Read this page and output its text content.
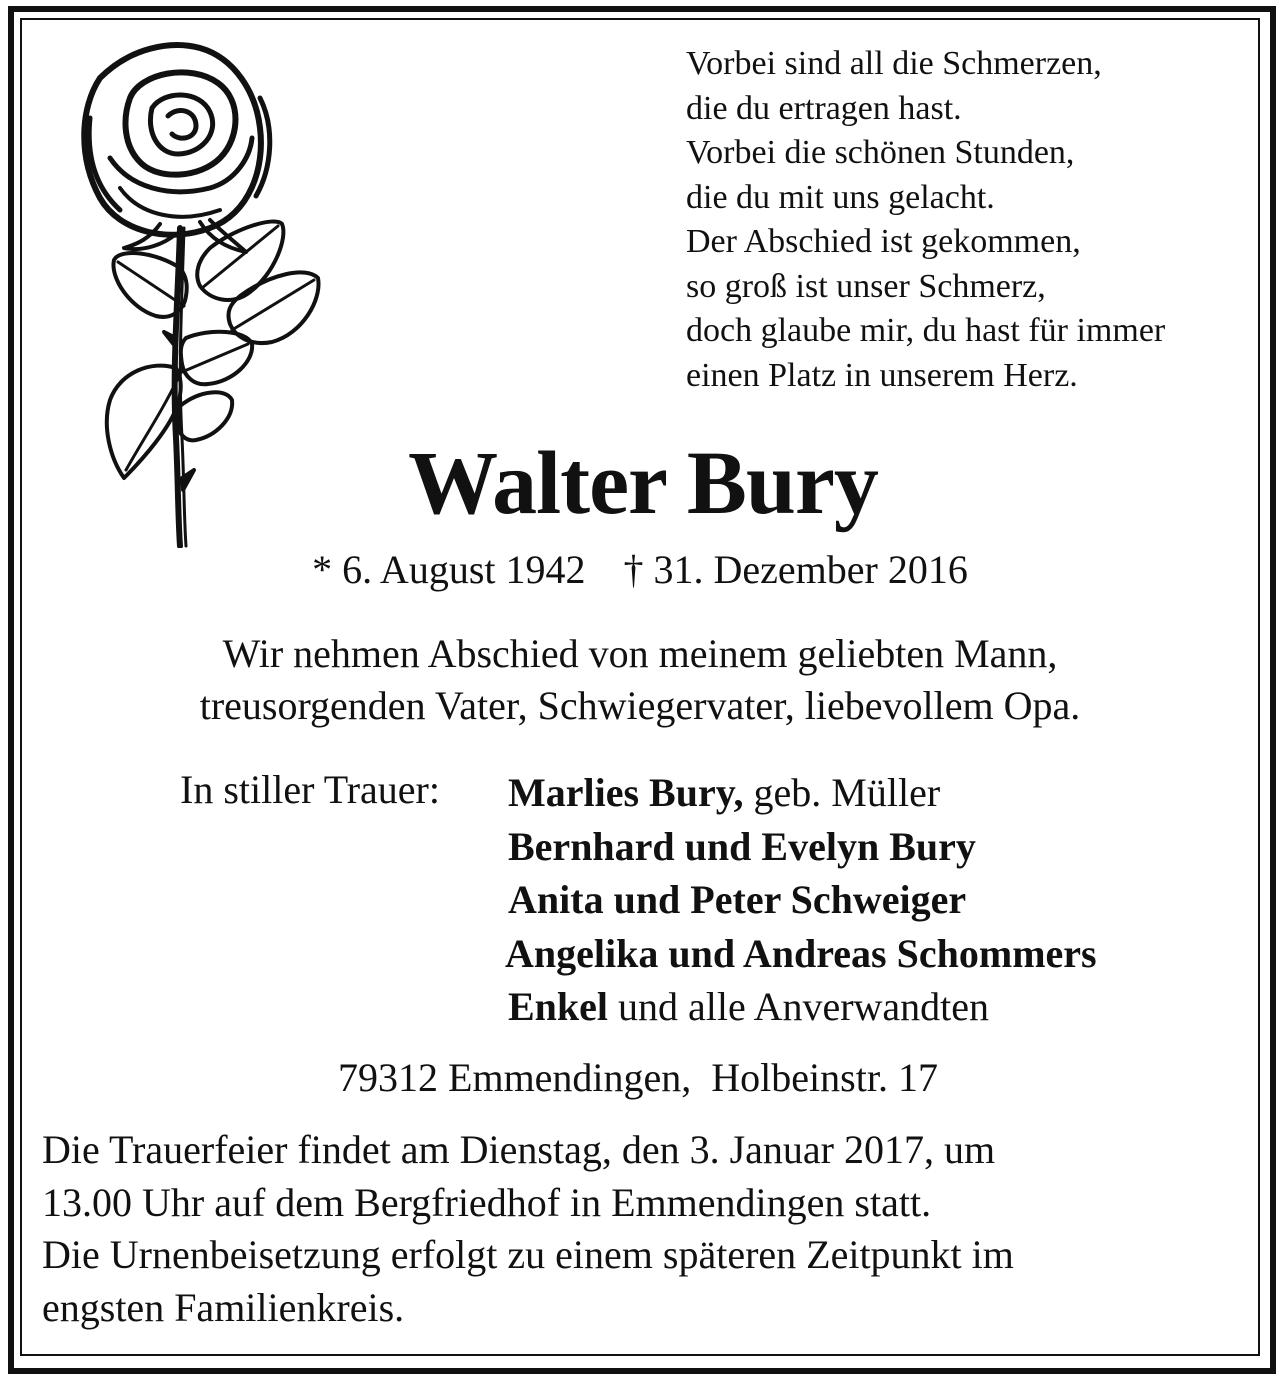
Vorbei sind all die Schmerzen,
die du ertragen hast.
Vorbei die schönen Stunden,
die du mit uns gelacht.
Der Abschied ist gekommen,
so groß ist unser Schmerz,
doch glaube mir, du hast für immer
einen Platz in unserem Herz.
Walter Bury
* 6. August 1942 † 31. Dezember 2016
Wir nehmen Abschied von meinem geliebten Mann,
treusorgenden Vater, Schwiegervater, liebevollem Opa.
In stiller Trauer: Marlies Bury, geb. Müller
Bernhard und Evelyn Bury
Anita und Peter Schweiger
Angelika und Andreas Schommers
Enkel und alle Anverwandten
79312 Emmendingen,  Holbeinstr. 17
Die Trauerfeier findet am Dienstag, den 3. Januar 2017, um
13.00 Uhr auf dem Bergfriedhof in Emmendingen statt.
Die Urnenbeisetzung erfolgt zu einem späteren Zeitpunkt im
engsten Familienkreis.
